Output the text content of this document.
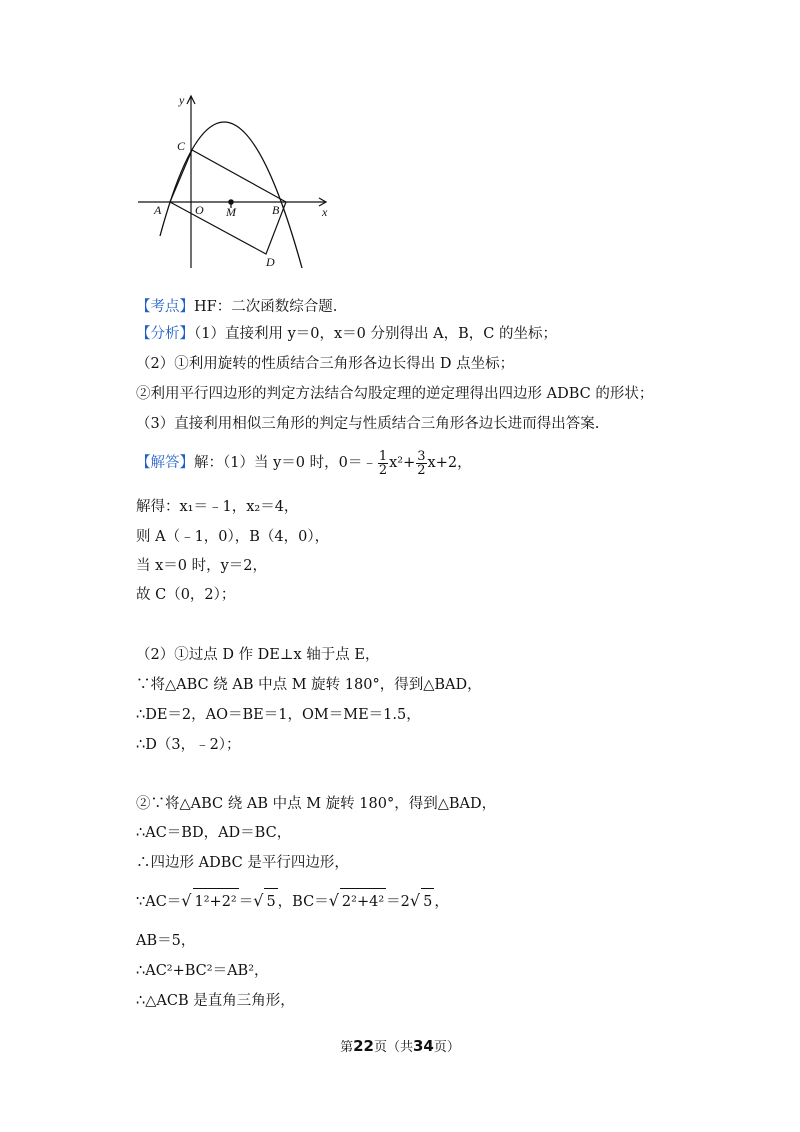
y
x
C
O
A	M	B
D
【考点】HF：二次函数综合题.
【分析】（1）直接利用 y＝0，x＝0 分别得出 A，B，C 的坐标；
（2）①利用旋转的性质结合三角形各边长得出 D 点坐标；
②利用平行四边形的判定方法结合勾股定理的逆定理得出四边形 ADBC 的形状；
（3）直接利用相似三角形的判定与性质结合三角形各边长进而得出答案.
【解答】解：（1）当 y＝0 时，0＝﹣ $\frac{1}{2} x^2+ \frac{3}{2} x+2$，
解得：x₁＝﹣1，x₂＝4，
则 A（﹣1，0），B（4，0），
当 x＝0 时，y＝2，
故 C（0，2）；
（2）①过点 D 作 DE⊥x 轴于点 E，
∵将△ABC 绕 AB 中点 M 旋转 180°，得到△BAD，
∴DE＝2，AO＝BE＝1，OM＝ME＝1.5，
∴D（3，﹣2）；
②∵将△ABC 绕 AB 中点 M 旋转 180°，得到△BAD，
∴AC＝BD，AD＝BC，
∴四边形 ADBC 是平行四边形，
∵AC＝√ 1²+2² ＝√ 5 ，BC＝√ 2²+4² ＝2√ 5 ，
AB＝5，
∴AC²+BC²＝AB²，
∴△ACB 是直角三角形，
第22页（共34页）
